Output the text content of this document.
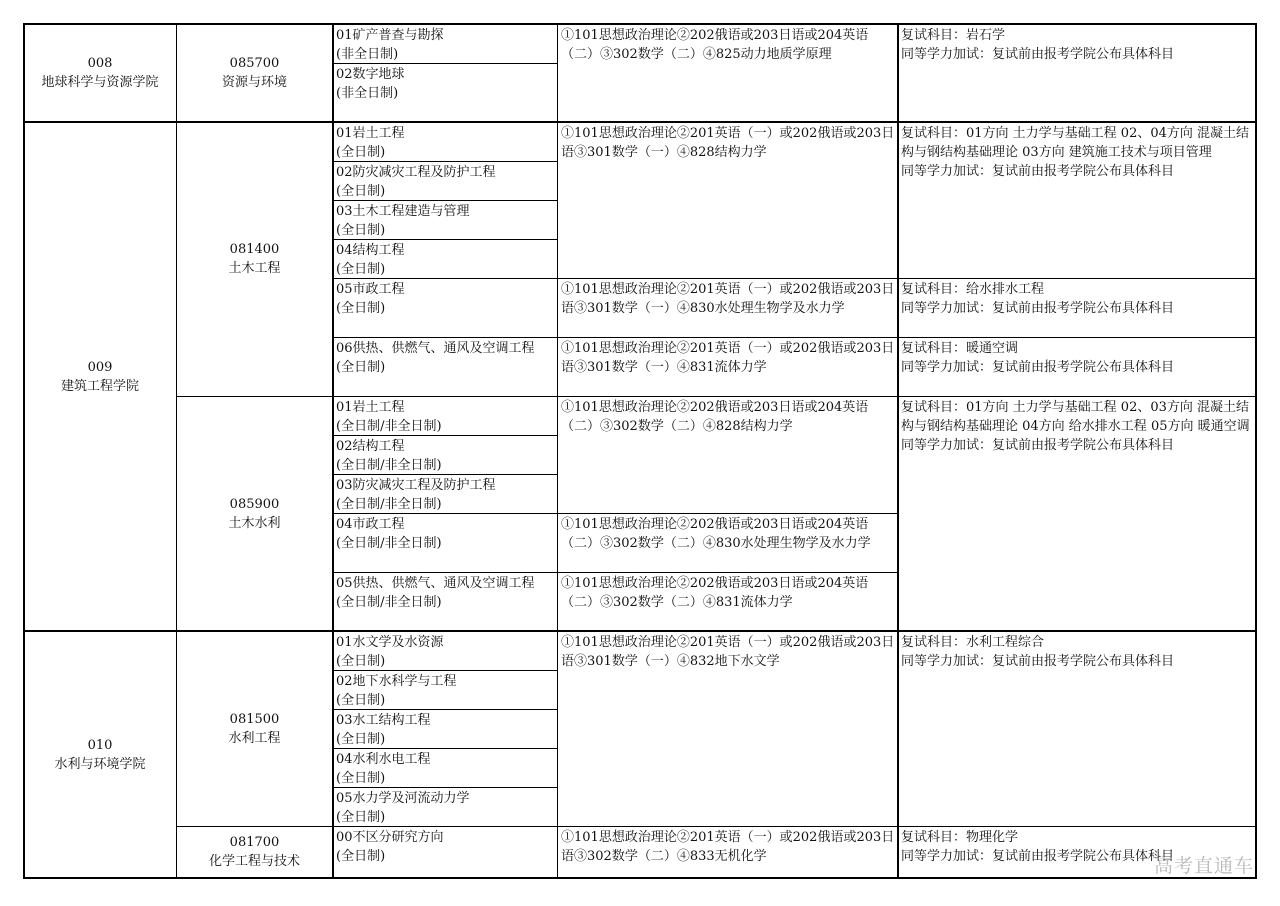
008
地球科学与资源学院
009
建筑工程学院
010
水利与环境学院
085700
资源与环境
081400
土木工程
085900
土木水利
081500
水利工程
081700
化学工程与技术
01矿产普查与勘探
(非全日制)
02数字地球
(非全日制)
01岩土工程
(全日制)
02防灾减灾工程及防护工程
(全日制)
03土木工程建造与管理
(全日制)
04结构工程
(全日制)
05市政工程
(全日制)
06供热、供燃气、通风及空调工程
(全日制)
01岩土工程
(全日制/非全日制)
02结构工程
(全日制/非全日制)
03防灾减灾工程及防护工程
(全日制/非全日制)
04市政工程
(全日制/非全日制)
05供热、供燃气、通风及空调工程
(全日制/非全日制)
01水文学及水资源
(全日制)
02地下水科学与工程
(全日制)
03水工结构工程
(全日制)
04水利水电工程
(全日制)
05水力学及河流动力学
(全日制)
00不区分研究方向
(全日制)
①101思想政治理论②202俄语或203日语或204英语（二）③302数学（二）④825动力地质学原理
①101思想政治理论②201英语（一）或202俄语或203日语③301数学（一）④828结构力学
①101思想政治理论②201英语（一）或202俄语或203日语③301数学（一）④830水处理生物学及水力学
①101思想政治理论②201英语（一）或202俄语或203日语③301数学（一）④831流体力学
①101思想政治理论②202俄语或203日语或204英语（二）③302数学（二）④828结构力学
①101思想政治理论②202俄语或203日语或204英语（二）③302数学（二）④830水处理生物学及水力学
①101思想政治理论②202俄语或203日语或204英语（二）③302数学（二）④831流体力学
①101思想政治理论②201英语（一）或202俄语或203日语③301数学（一）④832地下水文学
①101思想政治理论②201英语（一）或202俄语或203日语③302数学（二）④833无机化学
复试科目：岩石学
同等学力加试：复试前由报考学院公布具体科目
复试科目：01方向 土力学与基础工程 02、04方向 混凝土结构与钢结构基础理论 03方向 建筑施工技术与项目管理
同等学力加试：复试前由报考学院公布具体科目
复试科目：给水排水工程
同等学力加试：复试前由报考学院公布具体科目
复试科目：暖通空调
同等学力加试：复试前由报考学院公布具体科目
复试科目：01方向 土力学与基础工程 02、03方向 混凝土结构与钢结构基础理论 04方向 给水排水工程 05方向 暖通空调
同等学力加试：复试前由报考学院公布具体科目
复试科目：水利工程综合
同等学力加试：复试前由报考学院公布具体科目
复试科目：物理化学
同等学力加试：复试前由报考学院公布具体科目
高考直通车
